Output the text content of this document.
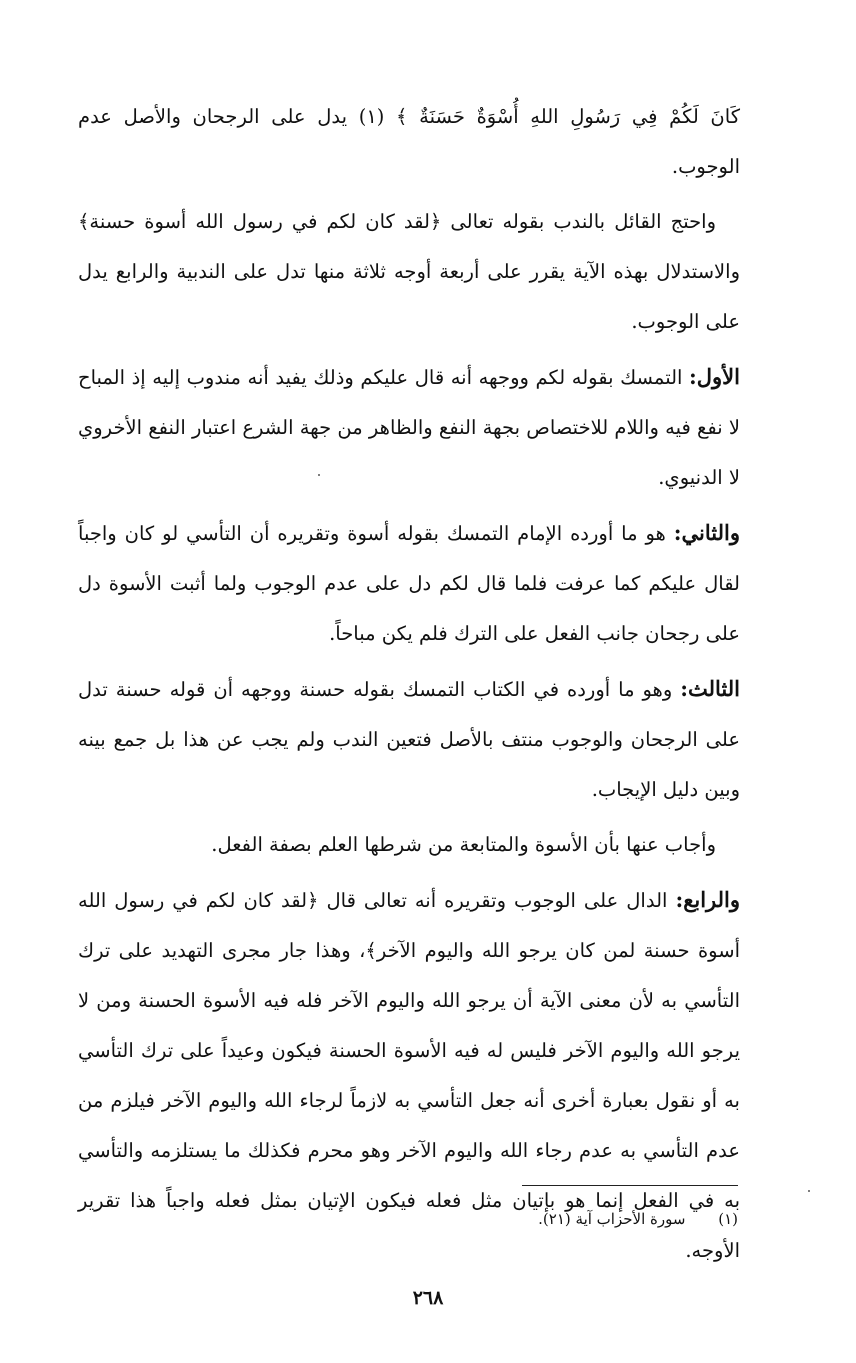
كَانَ لَكُمْ فِي رَسُولِ اللهِ أُسْوَةٌ حَسَنَةٌ ﴾ (١) يدل على الرجحان والأصل عدم الوجوب.

واحتج القائل بالندب بقوله تعالى ﴿لقد كان لكم في رسول الله أسوة حسنة﴾ والاستدلال بهذه الآية يقرر على أربعة أوجه ثلاثة منها تدل على الندبية والرابع يدل على الوجوب.

الأول: التمسك بقوله لكم ووجهه أنه قال عليكم وذلك يفيد أنه مندوب إليه إذ المباح لا نفع فيه واللام للاختصاص بجهة النفع والظاهر من جهة الشرع اعتبار النفع الأخروي لا الدنيوي.

والثاني: هو ما أورده الإمام التمسك بقوله أسوة وتقريره أن التأسي لو كان واجباً لقال عليكم كما عرفت فلما قال لكم دل على عدم الوجوب ولما أثبت الأسوة دل على رجحان جانب الفعل على الترك فلم يكن مباحاً.

الثالث: وهو ما أورده في الكتاب التمسك بقوله حسنة ووجهه أن قوله حسنة تدل على الرجحان والوجوب منتف بالأصل فتعين الندب ولم يجب عن هذا بل جمع بينه وبين دليل الإيجاب.

وأجاب عنها بأن الأسوة والمتابعة من شرطها العلم بصفة الفعل.

والرابع: الدال على الوجوب وتقريره أنه تعالى قال ﴿لقد كان لكم في رسول الله أسوة حسنة لمن كان يرجو الله واليوم الآخر﴾، وهذا جار مجرى التهديد على ترك التأسي به لأن معنى الآية أن يرجو الله واليوم الآخر فله فيه الأسوة الحسنة ومن لا يرجو الله واليوم الآخر فليس له فيه الأسوة الحسنة فيكون وعيداً على ترك التأسي به أو نقول بعبارة أخرى أنه جعل التأسي به لازماً لرجاء الله واليوم الآخر فيلزم من عدم التأسي به عدم رجاء الله واليوم الآخر وهو محرم فكذلك ما يستلزمه والتأسي به في الفعل إنما هو بإتيان مثل فعله فيكون الإتيان بمثل فعله واجباً هذا تقرير الأوجه.

(١) سورة الأحزاب آية (٢١).
٢٦٨
